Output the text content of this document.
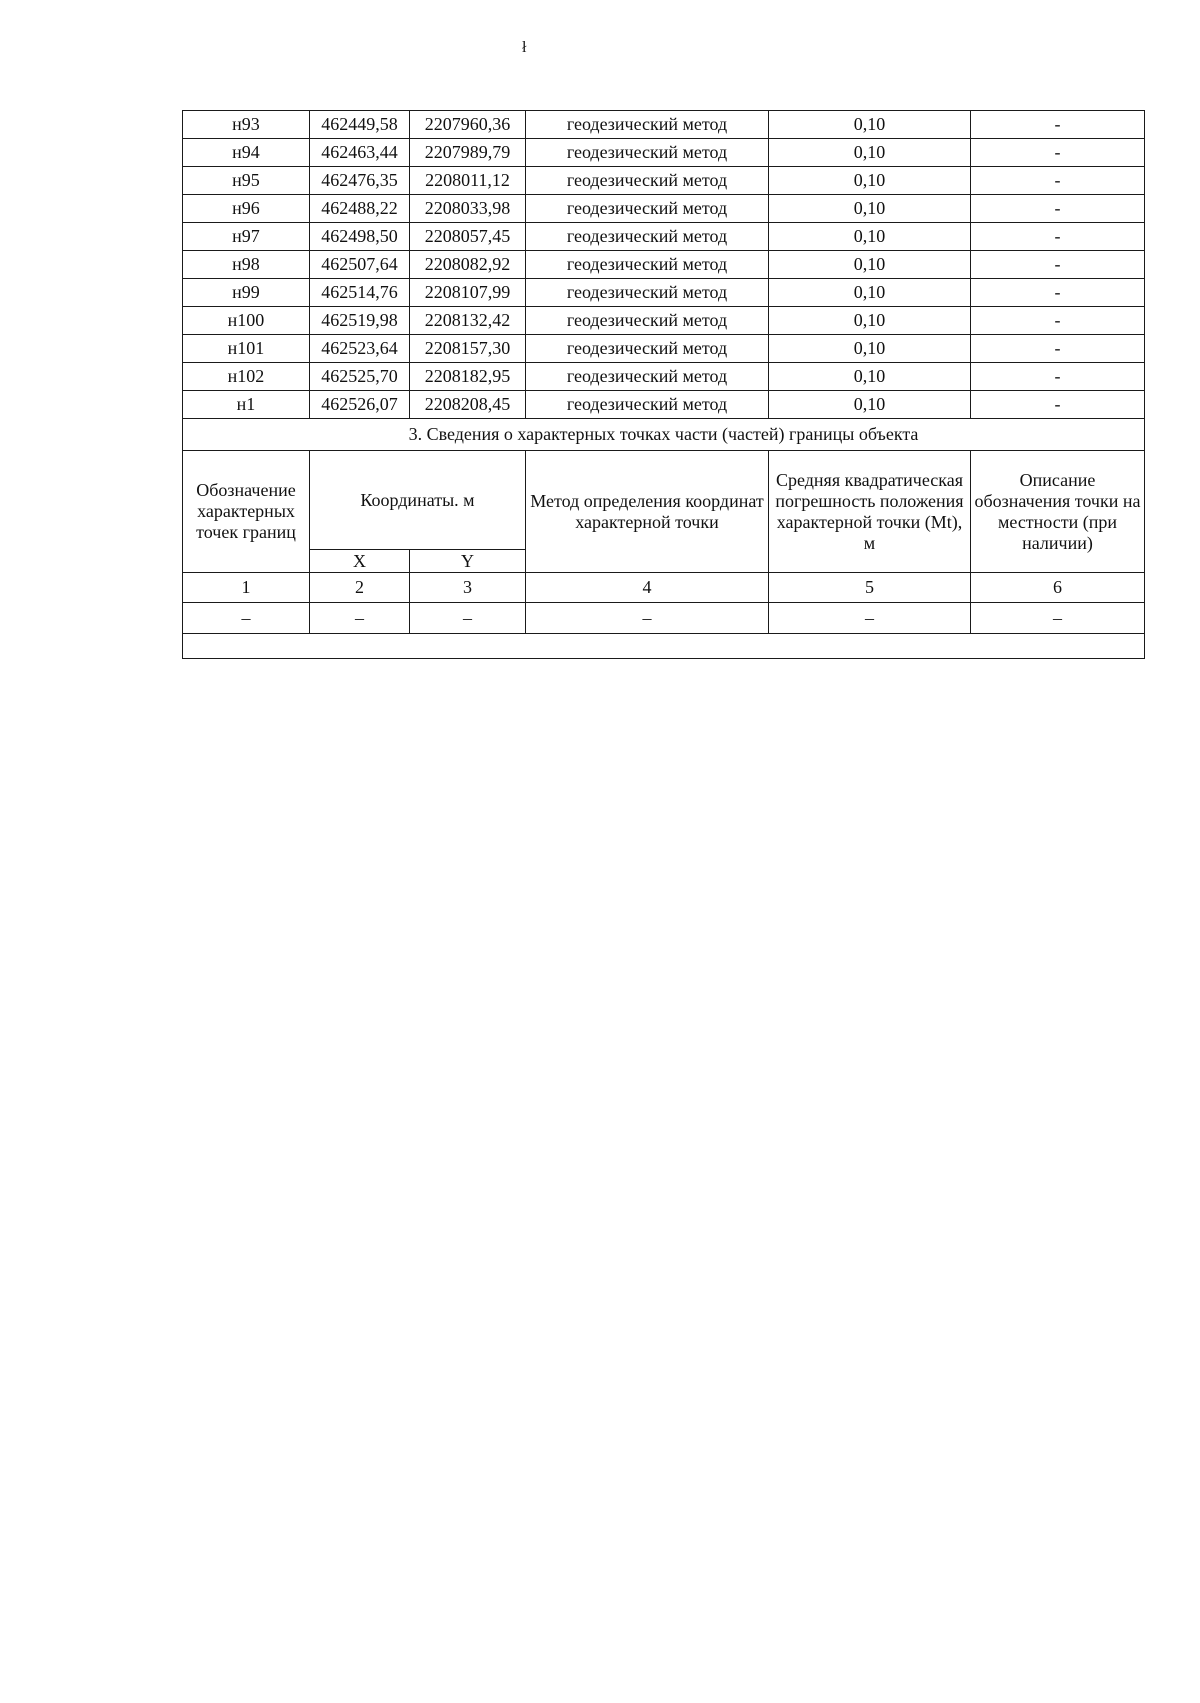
ł
н93	462449,58	2207960,36	геодезический метод	0,10	-
н94	462463,44	2207989,79	геодезический метод	0,10	-
н95	462476,35	2208011,12	геодезический метод	0,10	-
н96	462488,22	2208033,98	геодезический метод	0,10	-
н97	462498,50	2208057,45	геодезический метод	0,10	-
н98	462507,64	2208082,92	геодезический метод	0,10	-
н99	462514,76	2208107,99	геодезический метод	0,10	-
н100	462519,98	2208132,42	геодезический метод	0,10	-
н101	462523,64	2208157,30	геодезический метод	0,10	-
н102	462525,70	2208182,95	геодезический метод	0,10	-
н1	462526,07	2208208,45	геодезический метод	0,10	-
3. Сведения о характерных точках части (частей) границы объекта					
Обозначение характерных точек границ	Координаты. м		Метод определения координат характерной точки	Средняя квадратическая погрешность положения характерной точки (Mt), м	Описание обозначения точки на местности (при наличии)
	X	Y			
1	2	3	4	5	6
–	–	–	–	–	–
